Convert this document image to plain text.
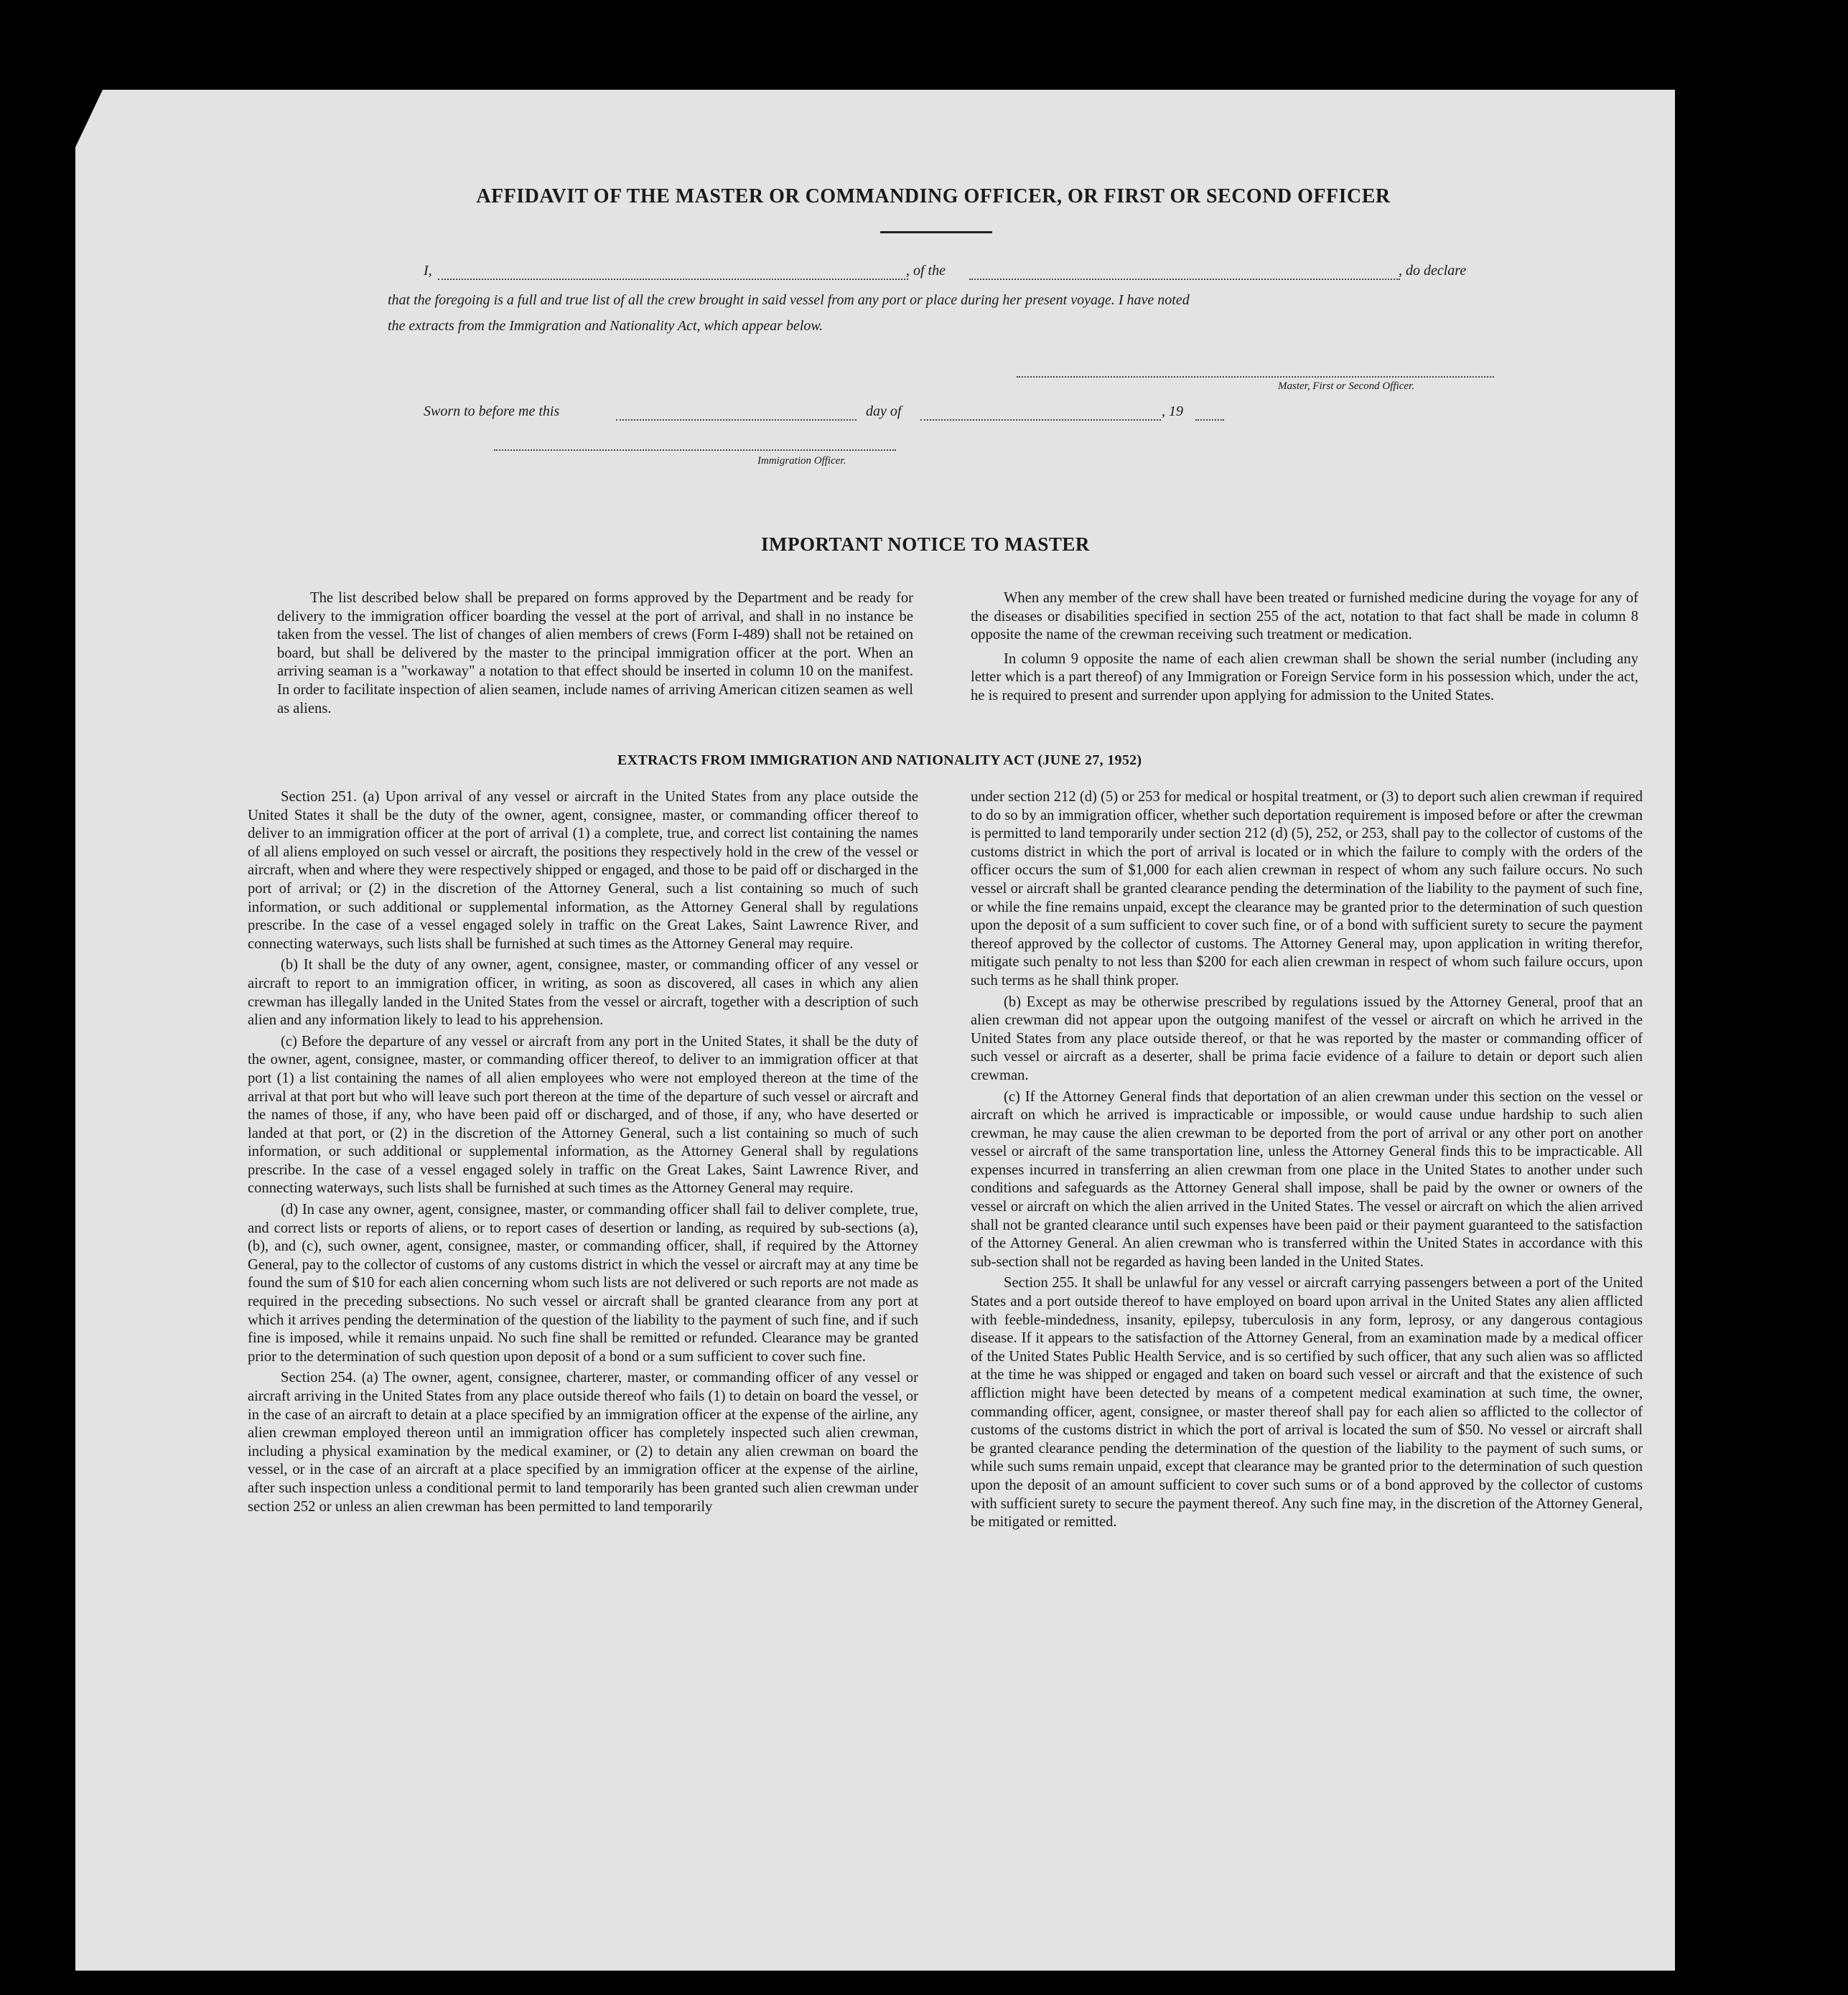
AFFIDAVIT OF THE MASTER OR COMMANDING OFFICER, OR FIRST OR SECOND OFFICER
I,	, of the	, do declare
that the foregoing is a full and true list of all the crew brought in said vessel from any port or place during her present voyage. I have noted
the extracts from the Immigration and Nationality Act, which appear below.
Master, First or Second Officer.
Sworn to before me this	day of	, 19
Immigration Officer.
IMPORTANT NOTICE TO MASTER

The list described below shall be prepared on forms approved by the Department and be ready for delivery to the immigration officer boarding the vessel at the port of arrival, and shall in no instance be taken from the vessel. The list of changes of alien members of crews (Form I-489) shall not be retained on board, but shall be delivered by the master to the principal immigration officer at the port. When an arriving seaman is a "workaway" a notation to that effect should be inserted in column 10 on the manifest. In order to facilitate inspection of alien seamen, include names of arriving American citizen seamen as well as aliens.

When any member of the crew shall have been treated or furnished medicine during the voyage for any of the diseases or disabilities specified in section 255 of the act, notation to that fact shall be made in column 8 opposite the name of the crewman receiving such treatment or medication.

In column 9 opposite the name of each alien crewman shall be shown the serial number (including any letter which is a part thereof) of any Immigration or Foreign Service form in his possession which, under the act, he is required to present and surrender upon applying for admission to the United States.

EXTRACTS FROM IMMIGRATION AND NATIONALITY ACT (JUNE 27, 1952)

Section 251. (a) Upon arrival of any vessel or aircraft in the United States from any place outside the United States it shall be the duty of the owner, agent, consignee, master, or commanding officer thereof to deliver to an immigration officer at the port of arrival (1) a complete, true, and correct list containing the names of all aliens employed on such vessel or aircraft, the positions they respectively hold in the crew of the vessel or aircraft, when and where they were respectively shipped or engaged, and those to be paid off or discharged in the port of arrival; or (2) in the discretion of the Attorney General, such a list containing so much of such information, or such additional or supplemental information, as the Attorney General shall by regulations prescribe. In the case of a vessel engaged solely in traffic on the Great Lakes, Saint Lawrence River, and connecting waterways, such lists shall be furnished at such times as the Attorney General may require.

(b) It shall be the duty of any owner, agent, consignee, master, or commanding officer of any vessel or aircraft to report to an immigration officer, in writing, as soon as discovered, all cases in which any alien crewman has illegally landed in the United States from the vessel or aircraft, together with a description of such alien and any information likely to lead to his apprehension.

(c) Before the departure of any vessel or aircraft from any port in the United States, it shall be the duty of the owner, agent, consignee, master, or commanding officer thereof, to deliver to an immigration officer at that port (1) a list containing the names of all alien employees who were not employed thereon at the time of the arrival at that port but who will leave such port thereon at the time of the departure of such vessel or aircraft and the names of those, if any, who have been paid off or discharged, and of those, if any, who have deserted or landed at that port, or (2) in the discretion of the Attorney General, such a list containing so much of such information, or such additional or supplemental information, as the Attorney General shall by regulations prescribe. In the case of a vessel engaged solely in traffic on the Great Lakes, Saint Lawrence River, and connecting waterways, such lists shall be furnished at such times as the Attorney General may require.

(d) In case any owner, agent, consignee, master, or commanding officer shall fail to deliver complete, true, and correct lists or reports of aliens, or to report cases of desertion or landing, as required by sub-sections (a), (b), and (c), such owner, agent, consignee, master, or commanding officer, shall, if required by the Attorney General, pay to the collector of customs of any customs district in which the vessel or aircraft may at any time be found the sum of $10 for each alien concerning whom such lists are not delivered or such reports are not made as required in the preceding subsections. No such vessel or aircraft shall be granted clearance from any port at which it arrives pending the determination of the question of the liability to the payment of such fine, and if such fine is imposed, while it remains unpaid. No such fine shall be remitted or refunded. Clearance may be granted prior to the determination of such question upon deposit of a bond or a sum sufficient to cover such fine.

Section 254. (a) The owner, agent, consignee, charterer, master, or commanding officer of any vessel or aircraft arriving in the United States from any place outside thereof who fails (1) to detain on board the vessel, or in the case of an aircraft to detain at a place specified by an immigration officer at the expense of the airline, any alien crewman employed thereon until an immigration officer has completely inspected such alien crewman, including a physical examination by the medical examiner, or (2) to detain any alien crewman on board the vessel, or in the case of an aircraft at a place specified by an immigration officer at the expense of the airline, after such inspection unless a conditional permit to land temporarily has been granted such alien crewman under section 252 or unless an alien crewman has been permitted to land temporarily

under section 212 (d) (5) or 253 for medical or hospital treatment, or (3) to deport such alien crewman if required to do so by an immigration officer, whether such deportation requirement is imposed before or after the crewman is permitted to land temporarily under section 212 (d) (5), 252, or 253, shall pay to the collector of customs of the customs district in which the port of arrival is located or in which the failure to comply with the orders of the officer occurs the sum of $1,000 for each alien crewman in respect of whom any such failure occurs. No such vessel or aircraft shall be granted clearance pending the determination of the liability to the payment of such fine, or while the fine remains unpaid, except the clearance may be granted prior to the determination of such question upon the deposit of a sum sufficient to cover such fine, or of a bond with sufficient surety to secure the payment thereof approved by the collector of customs. The Attorney General may, upon application in writing therefor, mitigate such penalty to not less than $200 for each alien crewman in respect of whom such failure occurs, upon such terms as he shall think proper.

(b) Except as may be otherwise prescribed by regulations issued by the Attorney General, proof that an alien crewman did not appear upon the outgoing manifest of the vessel or aircraft on which he arrived in the United States from any place outside thereof, or that he was reported by the master or commanding officer of such vessel or aircraft as a deserter, shall be prima facie evidence of a failure to detain or deport such alien crewman.

(c) If the Attorney General finds that deportation of an alien crewman under this section on the vessel or aircraft on which he arrived is impracticable or impossible, or would cause undue hardship to such alien crewman, he may cause the alien crewman to be deported from the port of arrival or any other port on another vessel or aircraft of the same transportation line, unless the Attorney General finds this to be impracticable. All expenses incurred in transferring an alien crewman from one place in the United States to another under such conditions and safeguards as the Attorney General shall impose, shall be paid by the owner or owners of the vessel or aircraft on which the alien arrived in the United States. The vessel or aircraft on which the alien arrived shall not be granted clearance until such expenses have been paid or their payment guaranteed to the satisfaction of the Attorney General. An alien crewman who is transferred within the United States in accordance with this sub-section shall not be regarded as having been landed in the United States.

Section 255. It shall be unlawful for any vessel or aircraft carrying passengers between a port of the United States and a port outside thereof to have employed on board upon arrival in the United States any alien afflicted with feeble-mindedness, insanity, epilepsy, tuberculosis in any form, leprosy, or any dangerous contagious disease. If it appears to the satisfaction of the Attorney General, from an examination made by a medical officer of the United States Public Health Service, and is so certified by such officer, that any such alien was so afflicted at the time he was shipped or engaged and taken on board such vessel or aircraft and that the existence of such affliction might have been detected by means of a competent medical examination at such time, the owner, commanding officer, agent, consignee, or master thereof shall pay for each alien so afflicted to the collector of customs of the customs district in which the port of arrival is located the sum of $50. No vessel or aircraft shall be granted clearance pending the determination of the question of the liability to the payment of such sums, or while such sums remain unpaid, except that clearance may be granted prior to the determination of such question upon the deposit of an amount sufficient to cover such sums or of a bond approved by the collector of customs with sufficient surety to secure the payment thereof. Any such fine may, in the discretion of the Attorney General, be mitigated or remitted.
